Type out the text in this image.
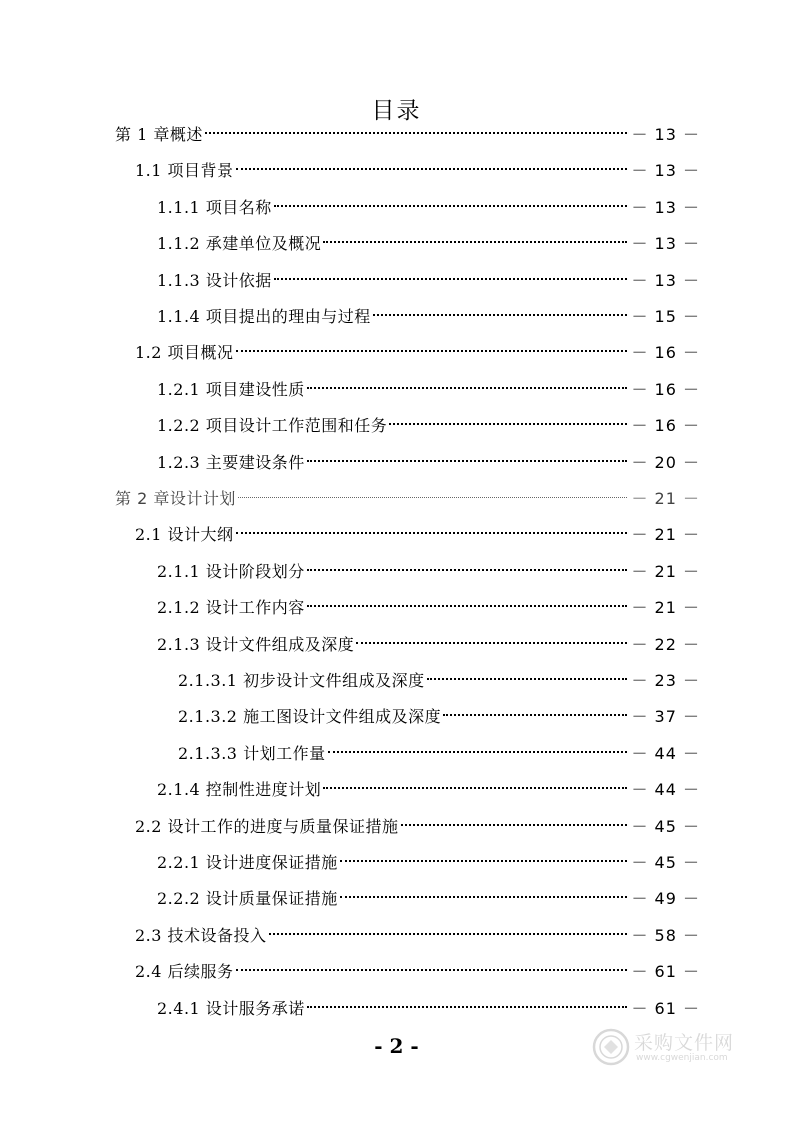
目录
第 1 章概述	－ 13 －
1.1 项目背景	－ 13 －
1.1.1 项目名称	－ 13 －
1.1.2 承建单位及概况	－ 13 －
1.1.3 设计依据	－ 13 －
1.1.4 项目提出的理由与过程	－ 15 －
1.2 项目概况	－ 16 －
1.2.1 项目建设性质	－ 16 －
1.2.2 项目设计工作范围和任务	－ 16 －
1.2.3 主要建设条件	－ 20 －
第 2 章设计计划	－ 21 －
2.1 设计大纲	－ 21 －
2.1.1 设计阶段划分	－ 21 －
2.1.2 设计工作内容	－ 21 －
2.1.3 设计文件组成及深度	－ 22 －
2.1.3.1 初步设计文件组成及深度	－ 23 －
2.1.3.2 施工图设计文件组成及深度	－ 37 －
2.1.3.3 计划工作量	－ 44 －
2.1.4 控制性进度计划	－ 44 －
2.2 设计工作的进度与质量保证措施	－ 45 －
2.2.1 设计进度保证措施	－ 45 －
2.2.2 设计质量保证措施	－ 49 －
2.3 技术设备投入	－ 58 －
2.4 后续服务	－ 61 －
2.4.1 设计服务承诺	－ 61 －
- 2 -	采购文件网
www.cgwenjian.com
